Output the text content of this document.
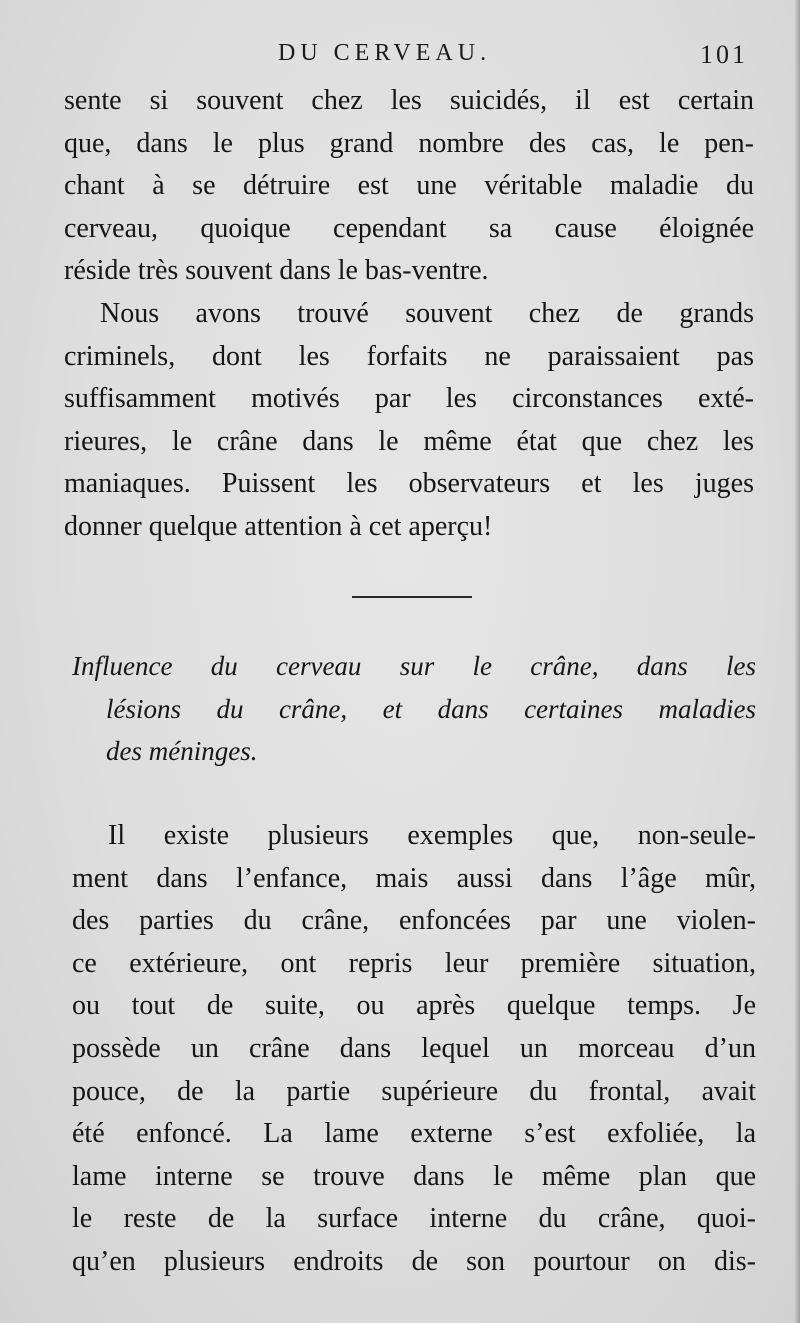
DU CERVEAU.	101
sente si souvent chez les suicidés, il est certain
que, dans le plus grand nombre des cas, le pen-
chant à se détruire est une véritable maladie du
cerveau, quoique cependant sa cause éloignée
réside très souvent dans le bas-ventre.
Nous avons trouvé souvent chez de grands
criminels, dont les forfaits ne paraissaient pas
suffisamment motivés par les circonstances exté-
rieures, le crâne dans le même état que chez les
maniaques. Puissent les observateurs et les juges
donner quelque attention à cet aperçu!
Influence du cerveau sur le crâne, dans les
lésions du crâne, et dans certaines maladies
des méninges.
Il existe plusieurs exemples que, non-seule-
ment dans l’enfance, mais aussi dans l’âge mûr,
des parties du crâne, enfoncées par une violen-
ce extérieure, ont repris leur première situation,
ou tout de suite, ou après quelque temps. Je
possède un crâne dans lequel un morceau d’un
pouce, de la partie supérieure du frontal, avait
été enfoncé. La lame externe s’est exfoliée, la
lame interne se trouve dans le même plan que
le reste de la surface interne du crâne, quoi-
qu’en plusieurs endroits de son pourtour on dis-
